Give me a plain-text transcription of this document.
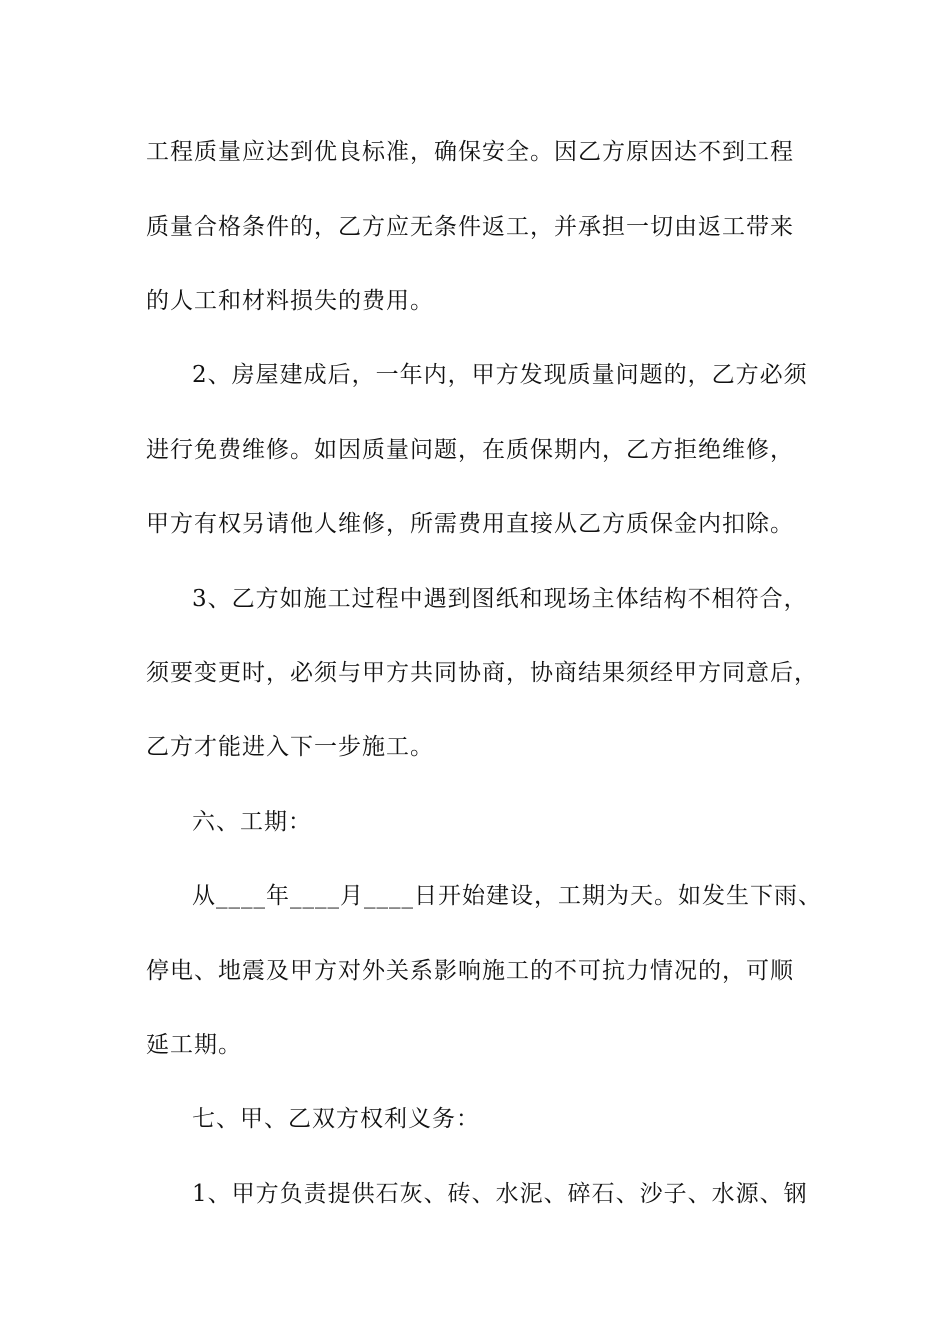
工程质量应达到优良标准，确保安全。因乙方原因达不到工程
质量合格条件的，乙方应无条件返工，并承担一切由返工带来
的人工和材料损失的费用。
2、房屋建成后，一年内，甲方发现质量问题的，乙方必须
进行免费维修。如因质量问题，在质保期内，乙方拒绝维修，
甲方有权另请他人维修，所需费用直接从乙方质保金内扣除。
3、乙方如施工过程中遇到图纸和现场主体结构不相符合，
须要变更时，必须与甲方共同协商，协商结果须经甲方同意后，
乙方才能进入下一步施工。
六、工期：
从____年____月____日开始建设，工期为天。如发生下雨、
停电、地震及甲方对外关系影响施工的不可抗力情况的，可顺
延工期。
七、甲、乙双方权利义务：
1、甲方负责提供石灰、砖、水泥、碎石、沙子、水源、钢
